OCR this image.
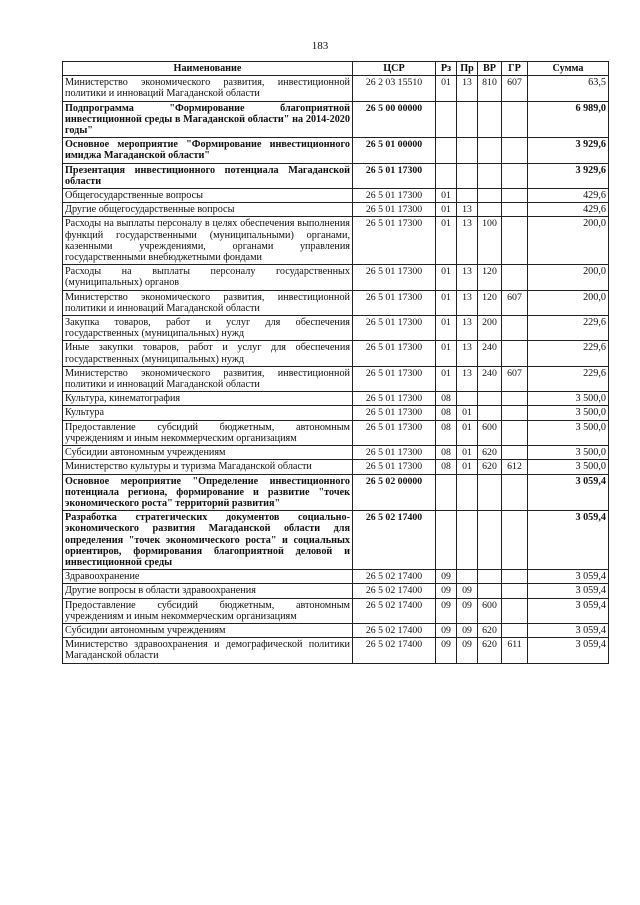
183
Наименование	ЦСР	Рз	Пр	ВР	ГР	Сумма
Министерство экономического развития, инвестиционной политики и инноваций Магаданской области	26 2 03 15510	01	13	810	607	63,5
Подпрограмма "Формирование благоприятной инвестиционной среды в Магаданской области" на 2014-2020 годы"	26 5 00 00000					6 989,0
Основное мероприятие "Формирование инвестиционного имиджа Магаданской области"	26 5 01 00000					3 929,6
Презентация инвестиционного потенциала Магаданской области	26 5 01 17300					3 929,6
Общегосударственные вопросы	26 5 01 17300	01				429,6
Другие общегосударственные вопросы	26 5 01 17300	01	13			429,6
Расходы на выплаты персоналу в целях обеспечения выполнения функций государственными (муниципальными) органами, казенными учреждениями, органами управления государственными внебюджетными фондами	26 5 01 17300	01	13	100		200,0
Расходы на выплаты персоналу государственных (муниципальных) органов	26 5 01 17300	01	13	120		200,0
Министерство экономического развития, инвестиционной политики и инноваций Магаданской области	26 5 01 17300	01	13	120	607	200,0
Закупка товаров, работ и услуг для обеспечения государственных (муниципальных) нужд	26 5 01 17300	01	13	200		229,6
Иные закупки товаров, работ и услуг для обеспечения государственных (муниципальных) нужд	26 5 01 17300	01	13	240		229,6
Министерство экономического развития, инвестиционной политики и инноваций Магаданской области	26 5 01 17300	01	13	240	607	229,6
Культура, кинематография	26 5 01 17300	08				3 500,0
Культура	26 5 01 17300	08	01			3 500,0
Предоставление субсидий бюджетным, автономным учреждениям и иным некоммерческим организациям	26 5 01 17300	08	01	600		3 500,0
Субсидии автономным учреждениям	26 5 01 17300	08	01	620		3 500,0
Министерство культуры и туризма Магаданской области	26 5 01 17300	08	01	620	612	3 500,0
Основное мероприятие "Определение инвестиционного потенциала региона, формирование и развитие "точек экономического роста" территорий развития"	26 5 02 00000					3 059,4
Разработка стратегических документов социально-экономического развития Магаданской области для определения "точек экономического роста" и социальных ориентиров, формирования благоприятной деловой и инвестиционной среды	26 5 02 17400					3 059,4
Здравоохранение	26 5 02 17400	09				3 059,4
Другие вопросы в области здравоохранения	26 5 02 17400	09	09			3 059,4
Предоставление субсидий бюджетным, автономным учреждениям и иным некоммерческим организациям	26 5 02 17400	09	09	600		3 059,4
Субсидии автономным учреждениям	26 5 02 17400	09	09	620		3 059,4
Министерство здравоохранения и демографической политики Магаданской области	26 5 02 17400	09	09	620	611	3 059,4
